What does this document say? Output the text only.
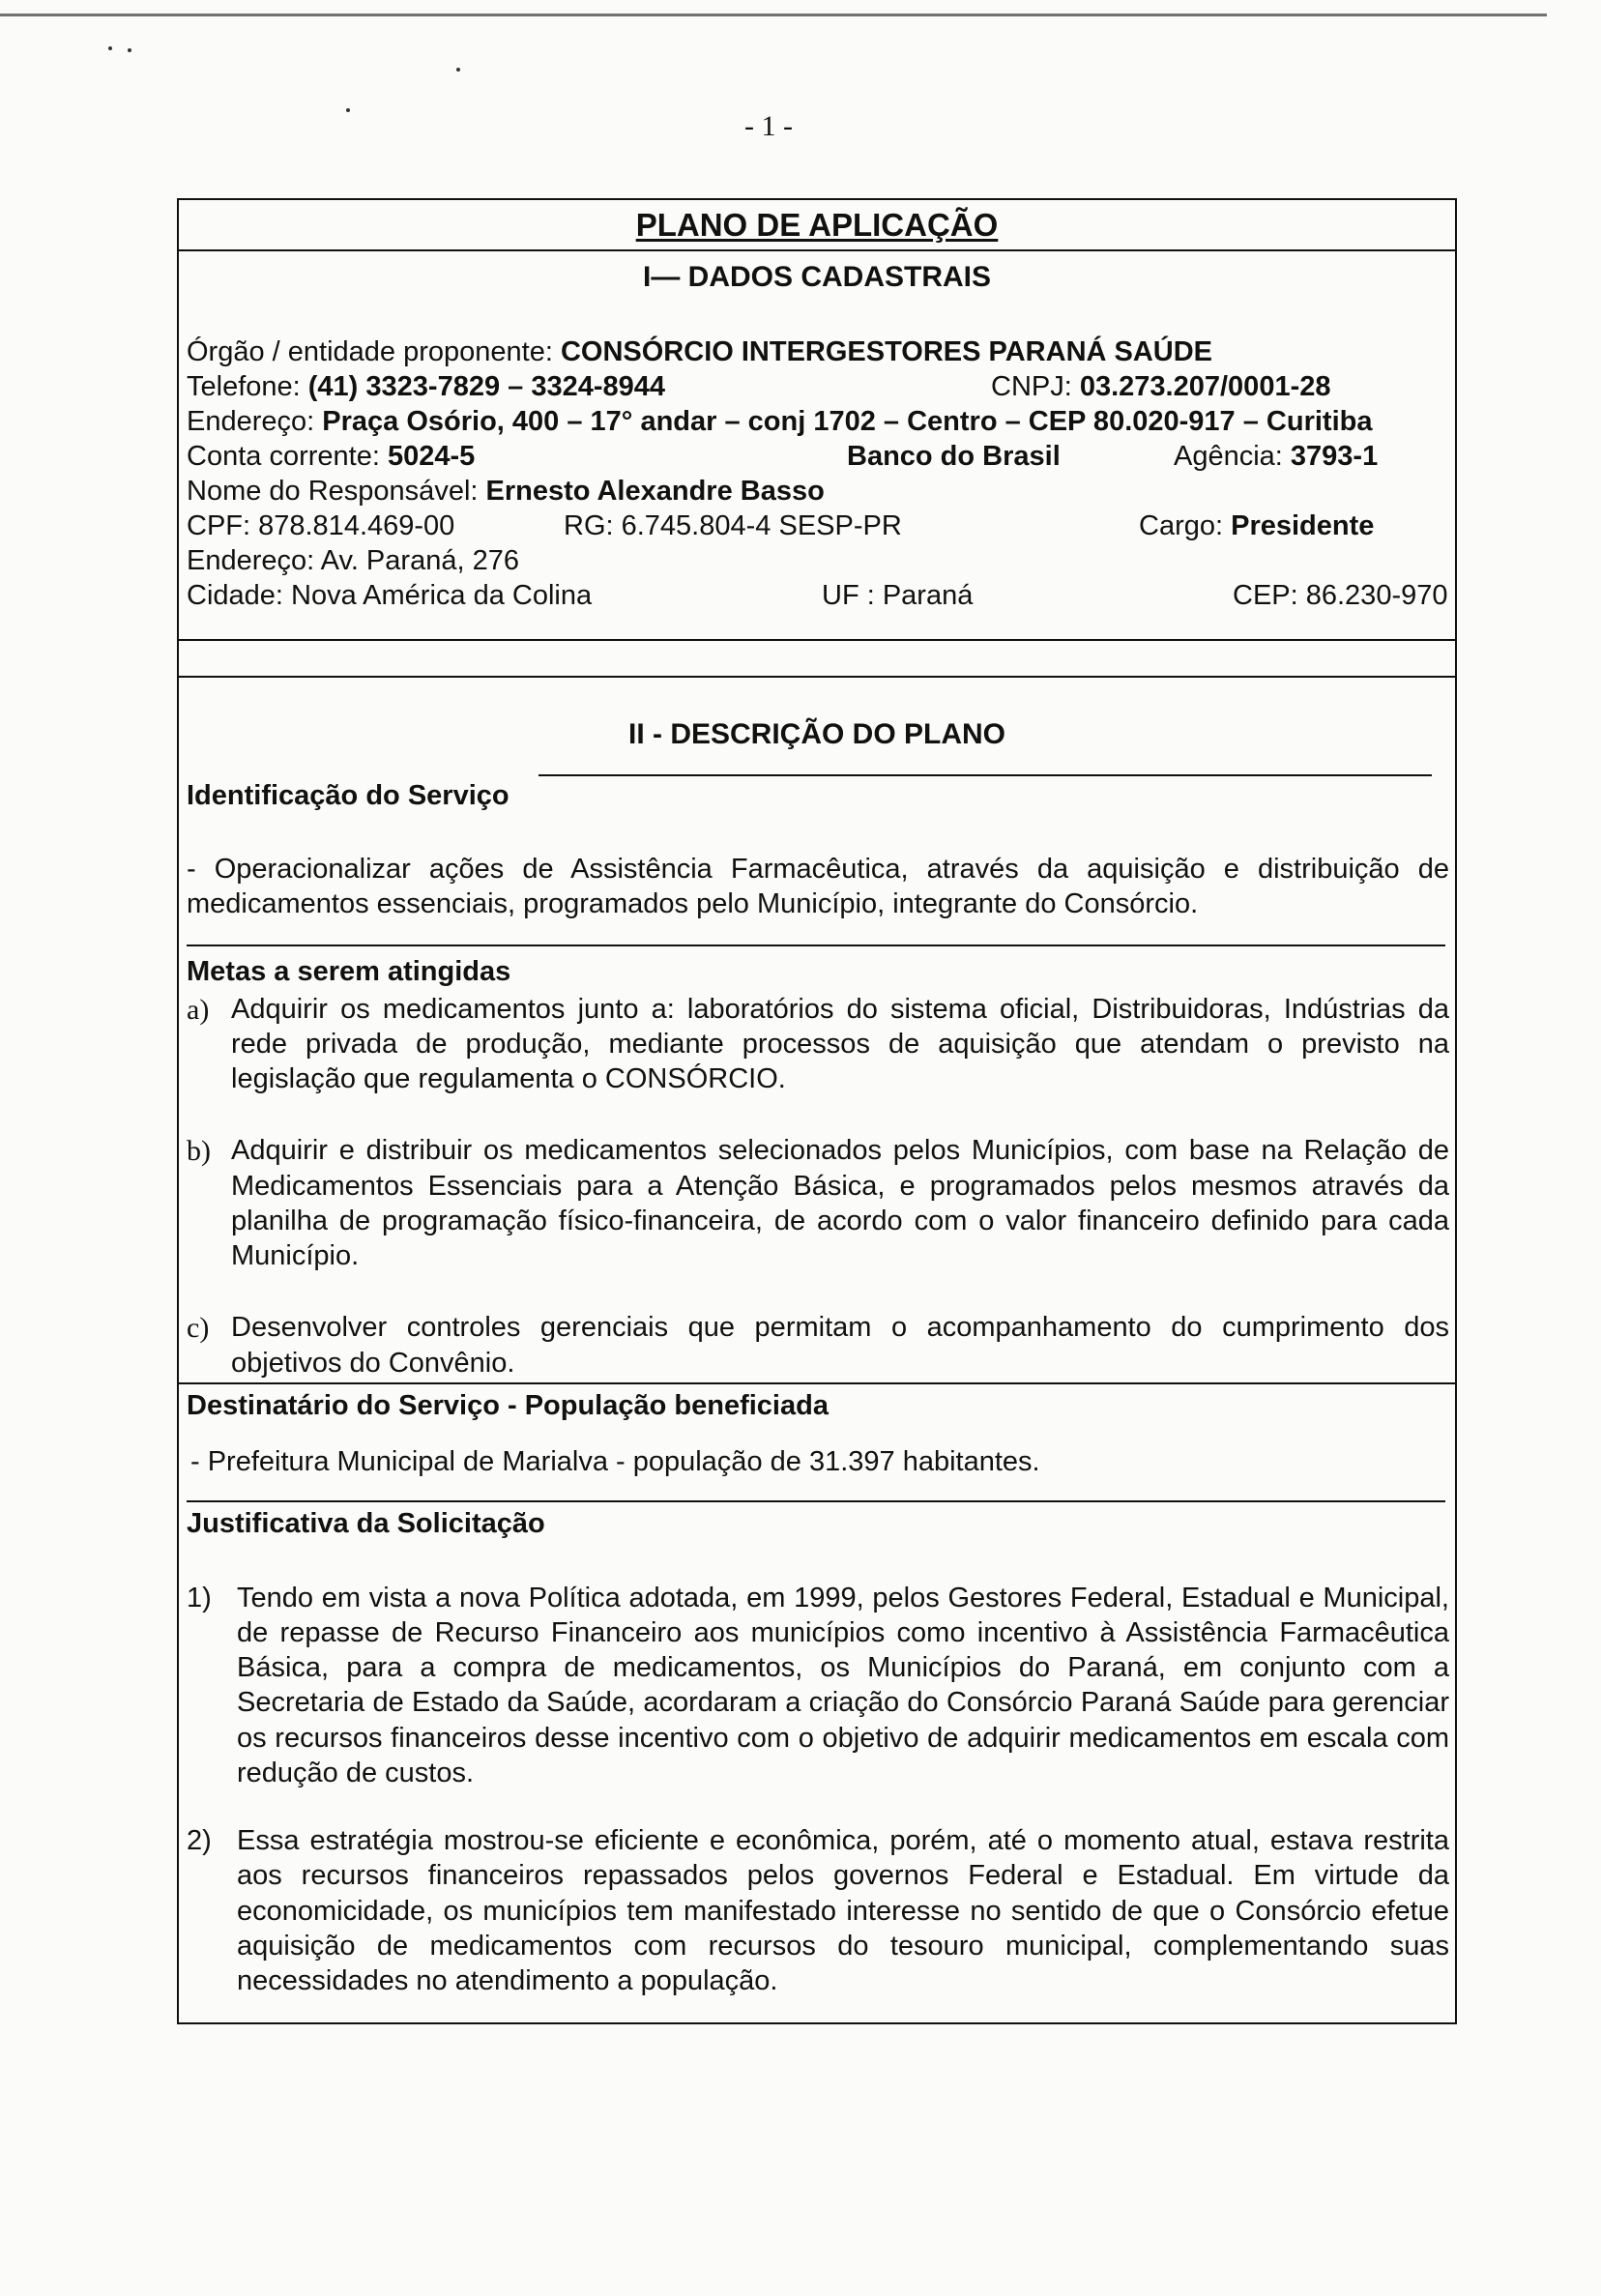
- 1 -
PLANO DE APLICAÇÃO
I— DADOS CADASTRAIS
Órgão / entidade proponente: CONSÓRCIO INTERGESTORES PARANÁ SAÚDE
Telefone: (41) 3323-7829 – 3324-8944	CNPJ: 03.273.207/0001-28
Endereço: Praça Osório, 400 – 17° andar – conj 1702 – Centro – CEP 80.020-917 – Curitiba
Conta corrente: 5024-5	Banco do Brasil	Agência: 3793-1
Nome do Responsável: Ernesto Alexandre Basso
CPF: 878.814.469-00	RG: 6.745.804-4 SESP-PR	Cargo: Presidente
Endereço: Av. Paraná, 276
Cidade: Nova América da Colina	UF : Paraná	CEP: 86.230-970
II - DESCRIÇÃO DO PLANO
Identificação do Serviço
- Operacionalizar ações de Assistência Farmacêutica, através da aquisição e distribuição de medicamentos essenciais, programados pelo Município, integrante do Consórcio.
Metas a serem atingidas
a) Adquirir os medicamentos junto a: laboratórios do sistema oficial, Distribuidoras, Indústrias da rede privada de produção, mediante processos de aquisição que atendam o previsto na legislação que regulamenta o CONSÓRCIO.
b) Adquirir e distribuir os medicamentos selecionados pelos Municípios, com base na Relação de Medicamentos Essenciais para a Atenção Básica, e programados pelos mesmos através da planilha de programação físico-financeira, de acordo com o valor financeiro definido para cada Município.
c) Desenvolver controles gerenciais que permitam o acompanhamento do cumprimento dos objetivos do Convênio.
Destinatário do Serviço - População beneficiada
- Prefeitura Municipal de Marialva - população de 31.397 habitantes.
Justificativa da Solicitação
1) Tendo em vista a nova Política adotada, em 1999, pelos Gestores Federal, Estadual e Municipal, de repasse de Recurso Financeiro aos municípios como incentivo à Assistência Farmacêutica Básica, para a compra de medicamentos, os Municípios do Paraná, em conjunto com a Secretaria de Estado da Saúde, acordaram a criação do Consórcio Paraná Saúde para gerenciar os recursos financeiros desse incentivo com o objetivo de adquirir medicamentos em escala com redução de custos.
2) Essa estratégia mostrou-se eficiente e econômica, porém, até o momento atual, estava restrita aos recursos financeiros repassados pelos governos Federal e Estadual. Em virtude da economicidade, os municípios tem manifestado interesse no sentido de que o Consórcio efetue aquisição de medicamentos com recursos do tesouro municipal, complementando suas necessidades no atendimento a população.
